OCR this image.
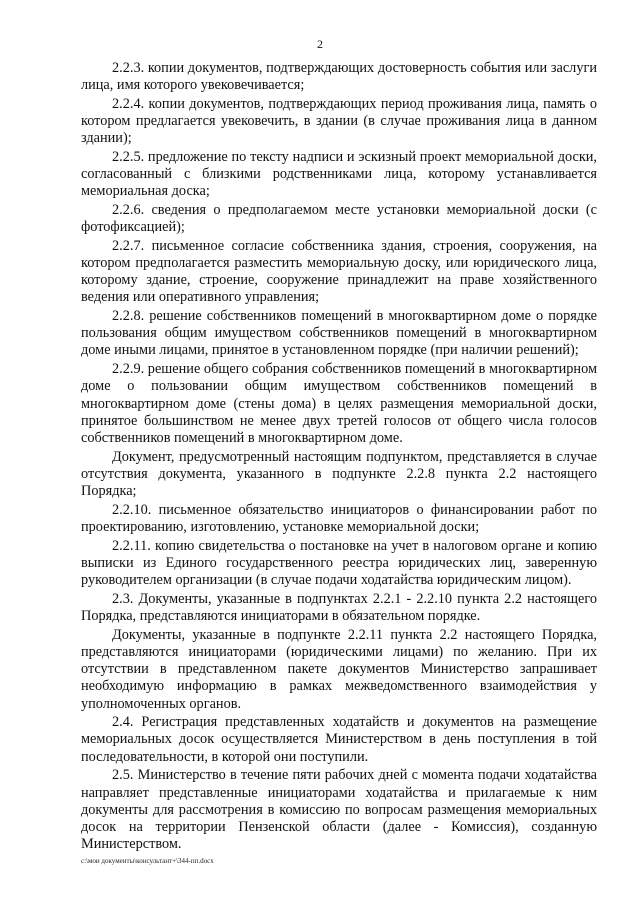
2

2.2.3. копии документов, подтверждающих достоверность события или заслуги лица, имя которого увековечивается;

2.2.4. копии документов, подтверждающих период проживания лица, память о котором предлагается увековечить, в здании (в случае проживания лица в данном здании);

2.2.5. предложение по тексту надписи и эскизный проект мемориальной доски, согласованный с близкими родственниками лица, которому устанавливается мемориальная доска;

2.2.6. сведения о предполагаемом месте установки мемориальной доски (с фотофиксацией);

2.2.7. письменное согласие собственника здания, строения, сооружения, на котором предполагается разместить мемориальную доску, или юридического лица, которому здание, строение, сооружение принадлежит на праве хозяйственного ведения или оперативного управления;

2.2.8. решение собственников помещений в многоквартирном доме о порядке пользования общим имуществом собственников помещений в многоквартирном доме иными лицами, принятое в установленном порядке (при наличии решений);

2.2.9. решение общего собрания собственников помещений в многоквартирном доме о пользовании общим имуществом собственников помещений в многоквартирном доме (стены дома) в целях размещения мемориальной доски, принятое большинством не менее двух третей голосов от общего числа голосов собственников помещений в многоквартирном доме.

Документ, предусмотренный настоящим подпунктом, представляется в случае отсутствия документа, указанного в подпункте 2.2.8 пункта 2.2 настоящего Порядка;

2.2.10. письменное обязательство инициаторов о финансировании работ по проектированию, изготовлению, установке мемориальной доски;

2.2.11. копию свидетельства о постановке на учет в налоговом органе и копию выписки из Единого государственного реестра юридических лиц, заверенную руководителем организации (в случае подачи ходатайства юридическим лицом).

2.3. Документы, указанные в подпунктах 2.2.1 - 2.2.10 пункта 2.2 настоящего Порядка, представляются инициаторами в обязательном порядке.

Документы, указанные в подпункте 2.2.11 пункта 2.2 настоящего Порядка, представляются инициаторами (юридическими лицами) по желанию. При их отсутствии в представленном пакете документов Министерство запрашивает необходимую информацию в рамках межведомственного взаимодействия у уполномоченных органов.

2.4. Регистрация представленных ходатайств и документов на размещение мемориальных досок осуществляется Министерством в день поступления в той последовательности, в которой они поступили.

2.5. Министерство в течение пяти рабочих дней с момента подачи ходатайства направляет представленные инициаторами ходатайства и прилагаемые к ним документы для рассмотрения в комиссию по вопросам размещения мемориальных досок на территории Пензенской области (далее - Комиссия), созданную Министерством.

c:\мои документы\консультант+\344-пп.docx
